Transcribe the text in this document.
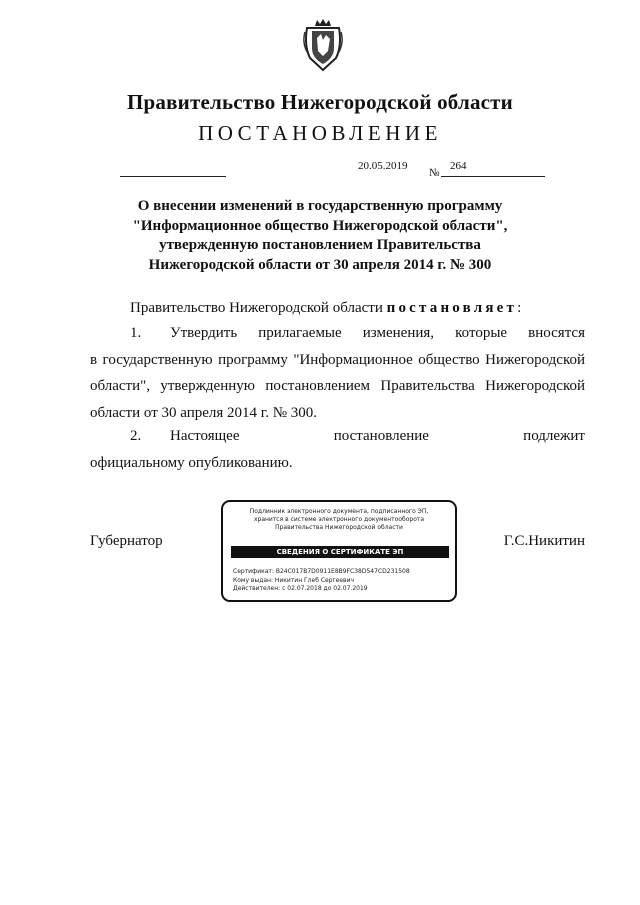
Правительство Нижегородской области
ПОСТАНОВЛЕНИЕ
20.05.2019
№
264
О внесении изменений в государственную программу
"Информационное общество Нижегородской области",
утвержденную постановлением Правительства
Нижегородской области от 30 апреля 2014 г. № 300
Правительство Нижегородской области постановляет:
1. Утвердить прилагаемые изменения, которые вносятся в государственную программу "Информационное общество Нижегородской области", утвержденную постановлением Правительства Нижегородской области от 30 апреля 2014 г. № 300.
2. Настоящее постановление подлежит официальному опубликованию.
Губернатор	Г.С.Никитин
Подлинник электронного документа, подписанного ЭП,
хранится в системе электронного документооборота
Правительства Нижегородской области
СВЕДЕНИЯ О СЕРТИФИКАТЕ ЭП
Сертификат: B24C017B7D0911E8B9FC38D547CD231508
Кому выдан: Никитин Глеб Сергеевич
Действителен: с 02.07.2018 до 02.07.2019
